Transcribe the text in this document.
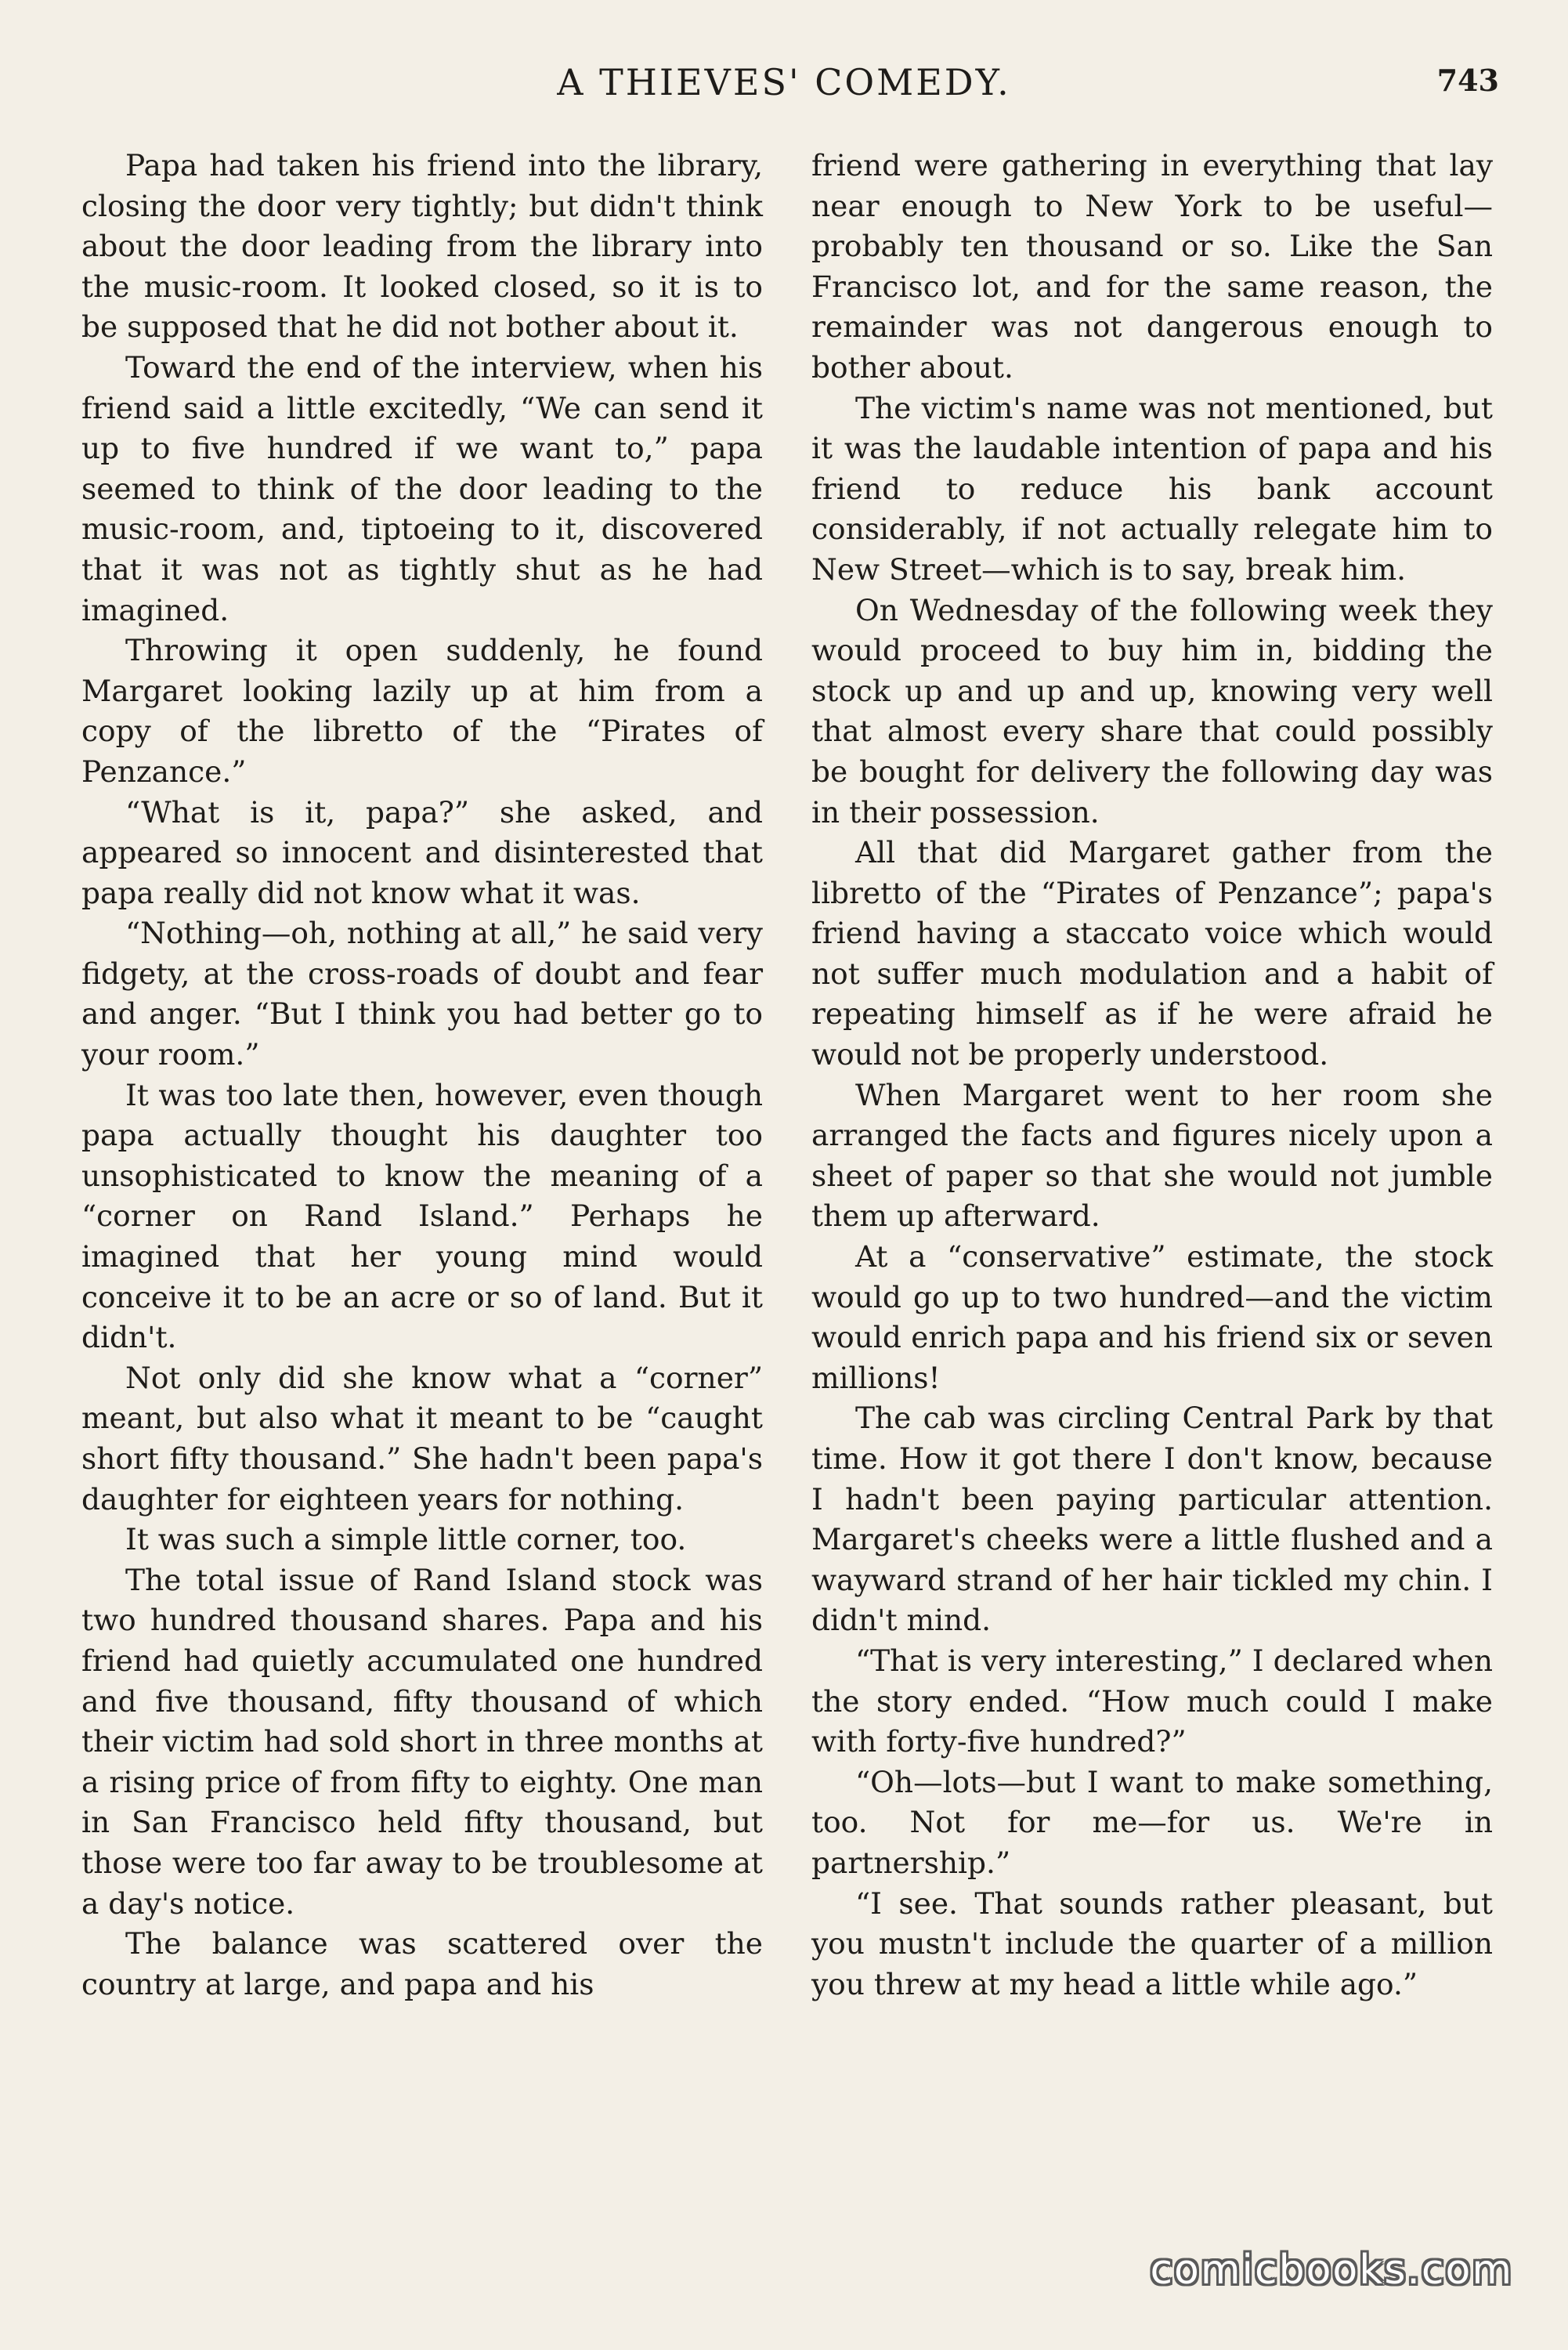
A THIEVES' COMEDY.	743

Papa had taken his friend into the library, closing the door very tightly; but didn't think about the door leading from the library into the music-room. It looked closed, so it is to be supposed that he did not bother about it.

Toward the end of the interview, when his friend said a little excitedly, “We can send it up to five hundred if we want to,” papa seemed to think of the door leading to the music-room, and, tiptoeing to it, discovered that it was not as tightly shut as he had imagined.

Throwing it open suddenly, he found Margaret looking lazily up at him from a copy of the libretto of the “Pirates of Penzance.”

“What is it, papa?” she asked, and appeared so innocent and disinterested that papa really did not know what it was.

“Nothing—oh, nothing at all,” he said very fidgety, at the cross-roads of doubt and fear and anger. “But I think you had better go to your room.”

It was too late then, however, even though papa actually thought his daughter too unsophisticated to know the meaning of a “corner on Rand Island.” Perhaps he imagined that her young mind would conceive it to be an acre or so of land. But it didn't.

Not only did she know what a “corner” meant, but also what it meant to be “caught short fifty thousand.” She hadn't been papa's daughter for eighteen years for nothing.

It was such a simple little corner, too.

The total issue of Rand Island stock was two hundred thousand shares. Papa and his friend had quietly accumulated one hundred and five thousand, fifty thousand of which their victim had sold short in three months at a rising price of from fifty to eighty. One man in San Francisco held fifty thousand, but those were too far away to be troublesome at a day's notice.

The balance was scattered over the country at large, and papa and his

friend were gathering in everything that lay near enough to New York to be useful—probably ten thousand or so. Like the San Francisco lot, and for the same reason, the remainder was not dangerous enough to bother about.

The victim's name was not mentioned, but it was the laudable intention of papa and his friend to reduce his bank account considerably, if not actually relegate him to New Street—which is to say, break him.

On Wednesday of the following week they would proceed to buy him in, bidding the stock up and up and up, knowing very well that almost every share that could possibly be bought for delivery the following day was in their possession.

All that did Margaret gather from the libretto of the “Pirates of Penzance”; papa's friend having a staccato voice which would not suffer much modulation and a habit of repeating himself as if he were afraid he would not be properly understood.

When Margaret went to her room she arranged the facts and figures nicely upon a sheet of paper so that she would not jumble them up afterward.

At a “conservative” estimate, the stock would go up to two hundred—and the victim would enrich papa and his friend six or seven millions!

The cab was circling Central Park by that time. How it got there I don't know, because I hadn't been paying particular attention. Margaret's cheeks were a little flushed and a wayward strand of her hair tickled my chin. I didn't mind.

“That is very interesting,” I declared when the story ended. “How much could I make with forty-five hundred?”

“Oh—lots—but I want to make something, too. Not for me—for us. We're in partnership.”

“I see. That sounds rather pleasant, but you mustn't include the quarter of a million you threw at my head a little while ago.”

comicbooks.com
